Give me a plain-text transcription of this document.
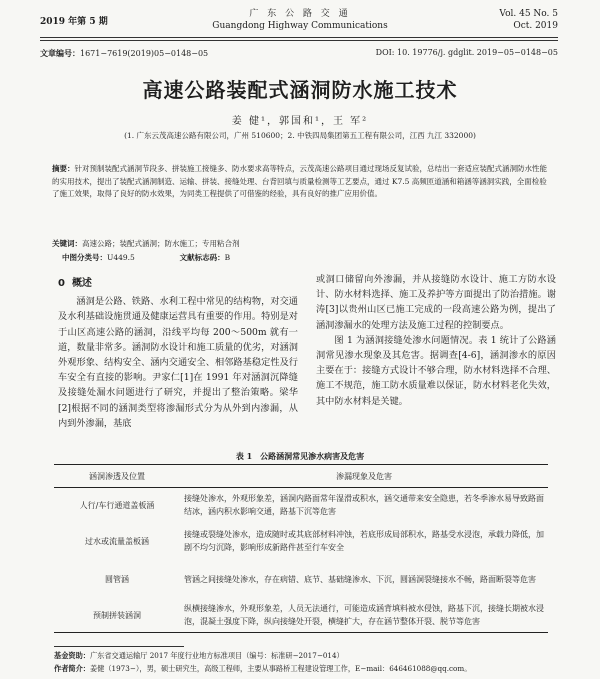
2019 年第 5 期
广 东 公 路 交 通
Guangdong Highway Communications
Vol. 45 No. 5
Oct. 2019
文章编号：1671−7619(2019)05−0148−05	DOI: 10. 19776/j. gdglit. 2019−05−0148−05
高速公路装配式涵洞防水施工技术
姜 健¹，郭国和¹，王 军²
(1. 广东云茂高速公路有限公司，广州 510600；2. 中铁四局集团第五工程有限公司，江西 九江 332000)
摘要：针对预制装配式涵洞节段多、拼装施工接缝多、防水要求高等特点，云茂高速公路项目通过现场反复试验，总结出一套适应装配式涵洞防水性能的实用技术，提出了装配式涵洞制造、运输、拼装、接缝处理、台背回填与质量检测等工艺要点，通过 K7.5 高频匝道涵和箱涵等涵洞实践，全面检验了施工效果，取得了良好的防水效果，为同类工程提供了可借鉴的经验，具有良好的推广应用价值。
关键词：高速公路；装配式涵洞；防水施工；专用粘合剂
中图分类号：U449.5	文献标志码：B
0 概述

涵洞是公路、铁路、水利工程中常见的结构物，对交通及水利基础设施贯通及健康运营具有重要的作用。特别是对于山区高速公路的涵洞，沿线平均每 200～500m 就有一道，数量非常多。涵洞防水设计和施工质量的优劣，对涵洞外观形象、结构安全、涵内交通安全、相邻路基稳定性及行车安全有直接的影响。尹家仁[1]在 1991 年对涵洞沉降缝及接缝处漏水问题进行了研究，并提出了整治策略。梁华[2]根据不同的涵洞类型将渗漏形式分为从外到内渗漏，从内到外渗漏，基底

或洞口储留向外渗漏，并从接缝防水设计、施工方防水设计、防水材料选择、施工及养护等方面提出了防治措施。谢涛[3]以贵州山区已施工完成的一段高速公路为例，提出了涵洞渗漏水的处理方法及施工过程的控制要点。

图 1 为涵洞接缝处渗水问题情况。表 1 统计了公路涵洞常见渗水现象及其危害。据调查[4-6]，涵洞渗水的原因主要在于：接缝方式设计不够合理，防水材料选择不合理、施工不规范，施工防水质量难以保证，防水材料老化失效，其中防水材料是关键。

表 1　公路涵洞常见渗水病害及危害
涵洞渗透及位置	渗漏现象及危害
人行/车行通道盖板涵	接缝处渗水，外观形象差，涵洞内路面常年湿滑或积水，涵交通带来安全隐患，若冬季渗水易导致路面结冰，涵内积水影响交通，路基下沉等危害
过水或流量盖板涵	接缝或裂缝处渗水，造成随时或其底部材料冲蚀，若底形成局部积水，路基受水浸泡，承载力降低，加剧不均匀沉降，影响形成新路件甚至行车安全
圆管涵	管涵之间接缝处渗水，存在病错、底节、基础缝渗水、下沉，圆涵洞裂缝接水不畅，路面断裂等危害
预制拼装涵洞	纵横接缝渗水，外观形象差，人员无法通行，可能造成涵背填料被水侵蚀，路基下沉，接缝长期被水浸泡，混凝土强度下降，纵向接缝处开裂，横缝扩大，存在涵节整体开裂、脱节等危害
基金资助：广东省交通运输厅 2017 年度行业地方标准项目（编号：标准研−2017−014）
作者简介：姜健（1973−），男，硕士研究生，高级工程师，主要从事路桥工程建设管理工作，E−mail：646461088@qq.com。
